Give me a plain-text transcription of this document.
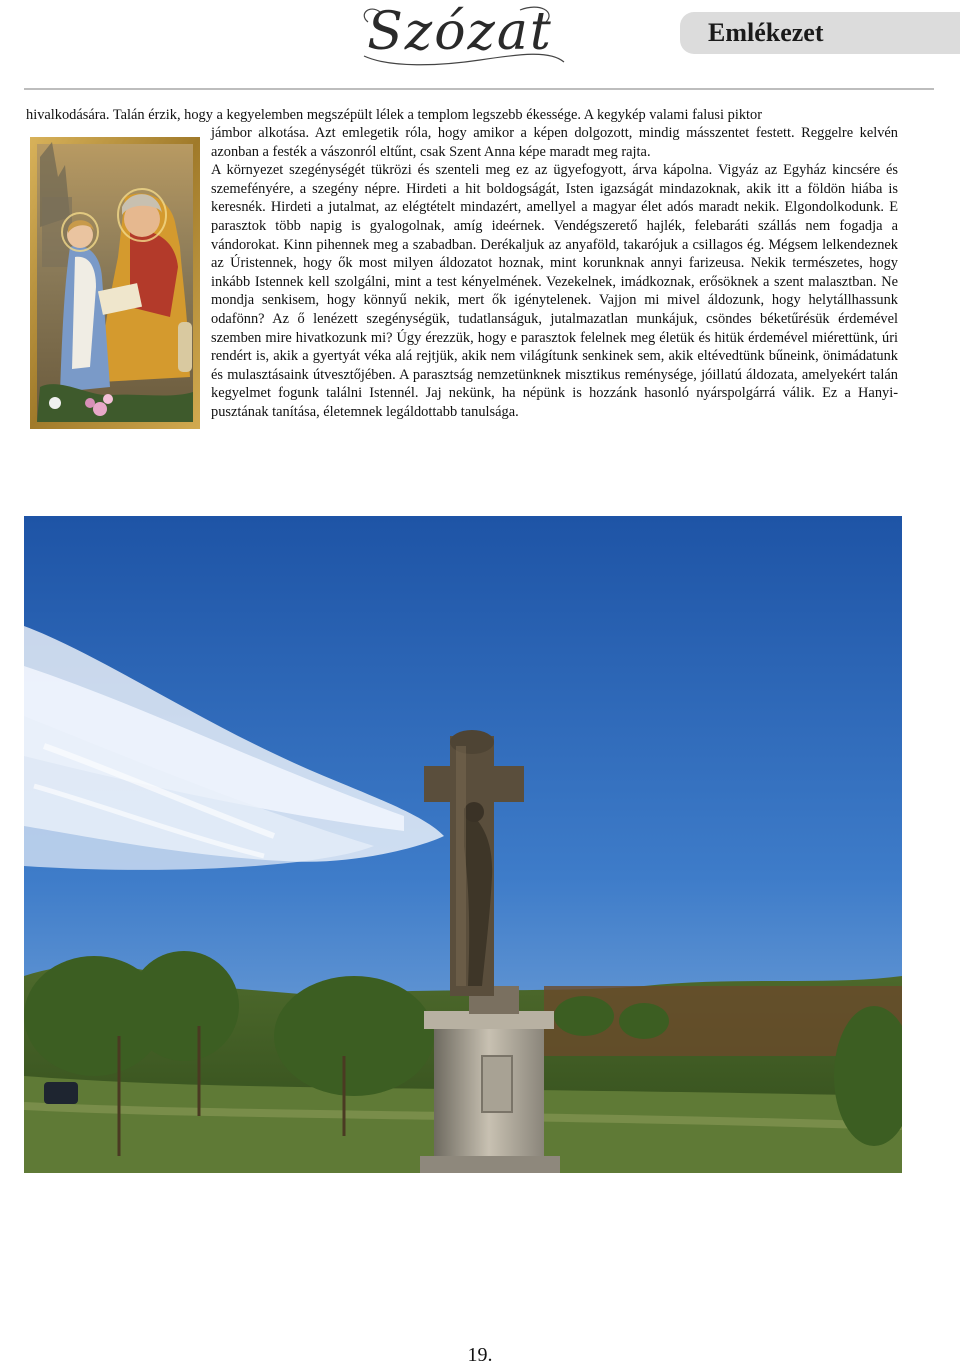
Szózat	Emlékezet
hivalkodására. Talán érzik, hogy a kegyelemben megszépült lélek a templom legszebb ékessége. A kegykép valami falusi piktor
jámbor alkotása. Azt emlegetik róla, hogy amikor a képen dolgozott, mindig másszentet festett. Reggelre kelvén azonban a festék a vászonról eltűnt, csak Szent Anna képe maradt meg rajta.
A környezet szegénységét tükrözi és szenteli meg ez az ügyefogyott, árva kápolna. Vigyáz az Egyház kincsére és szemefényére, a szegény népre. Hirdeti a hit boldogságát, Isten igazságát mindazoknak, akik itt a földön hiába is keresnék. Hirdeti a jutalmat, az elégtételt mindazért, amellyel a magyar élet adós maradt nekik. Elgondolkodunk. E parasztok több napig is gyalogolnak, amíg ideérnek. Vendégszerető hajlék, felebaráti szállás nem fogadja a vándorokat. Kinn pihennek meg a szabadban. Derékaljuk az anyaföld, takarójuk a csillagos ég. Mégsem lelkendeznek az Úristennek, hogy ők most milyen áldozatot hoznak, mint korunknak annyi farizeusa. Nekik természetes, hogy inkább Istennek kell szolgálni, mint a test kényelmének. Vezekelnek, imádkoznak, erősöknek a szent malasztban. Ne mondja senkisem, hogy könnyű nekik, mert ők igénytelenek. Vajjon mi mivel áldozunk, hogy helytállhassunk odafönn? Az ő lenézett szegénységük, tudatlanságuk, jutalmazatlan munkájuk, csöndes béketűrésük érdemével szemben mire hivatkozunk mi? Úgy érezzük, hogy e parasztok felelnek meg életük és hitük érdemével miérettünk, úri rendért is, akik a gyertyát véka alá rejtjük, akik nem világítunk senkinek sem, akik eltévedtünk bűneink, önimádatunk és mulasztásaink útvesztőjében. A parasztság nemzetünknek misztikus reménysége, jóillatú áldozata, amelyekért talán kegyelmet fogunk találni Istennél. Jaj nekünk, ha népünk is hozzánk hasonló nyárspolgárrá válik. Ez a Hanyi-pusztának tanítása, életemnek legáldottabb tanulsága.
19.
